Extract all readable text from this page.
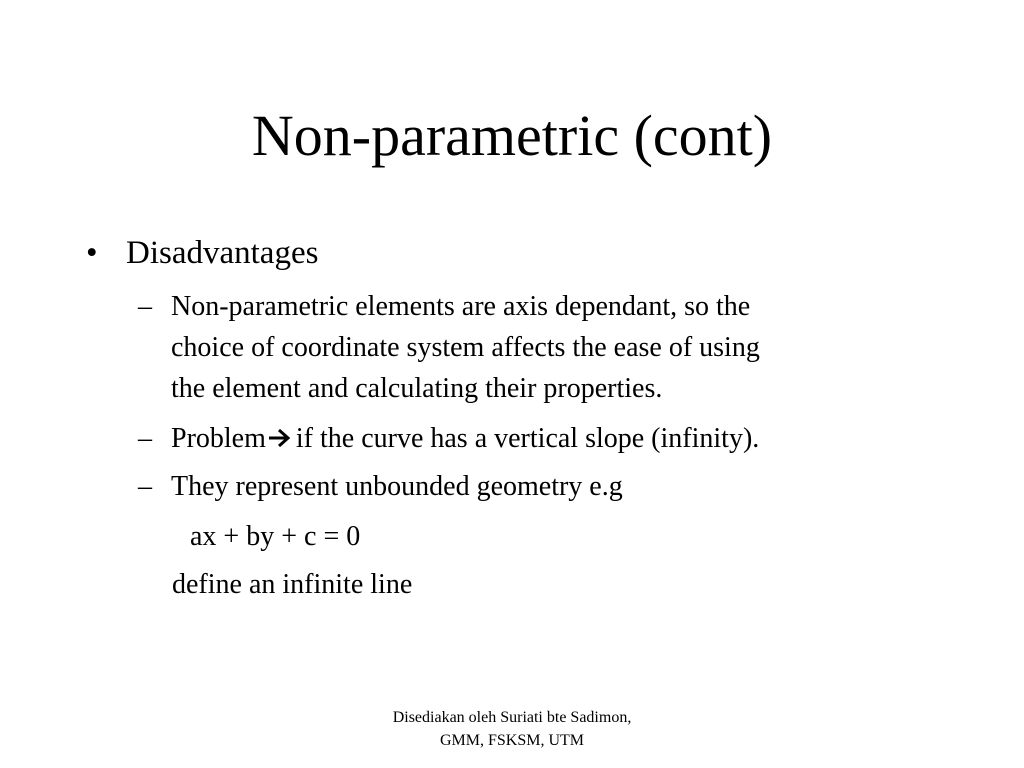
Non-parametric (cont)
• Disadvantages
– Non-parametric elements are axis dependant, so the
choice of coordinate system affects the ease of using
the element and calculating their properties.
– Problem if the curve has a vertical slope (infinity).
– They represent unbounded geometry e.g
ax + by + c = 0
define an infinite line
Disediakan oleh Suriati bte Sadimon,
GMM, FSKSM, UTM
